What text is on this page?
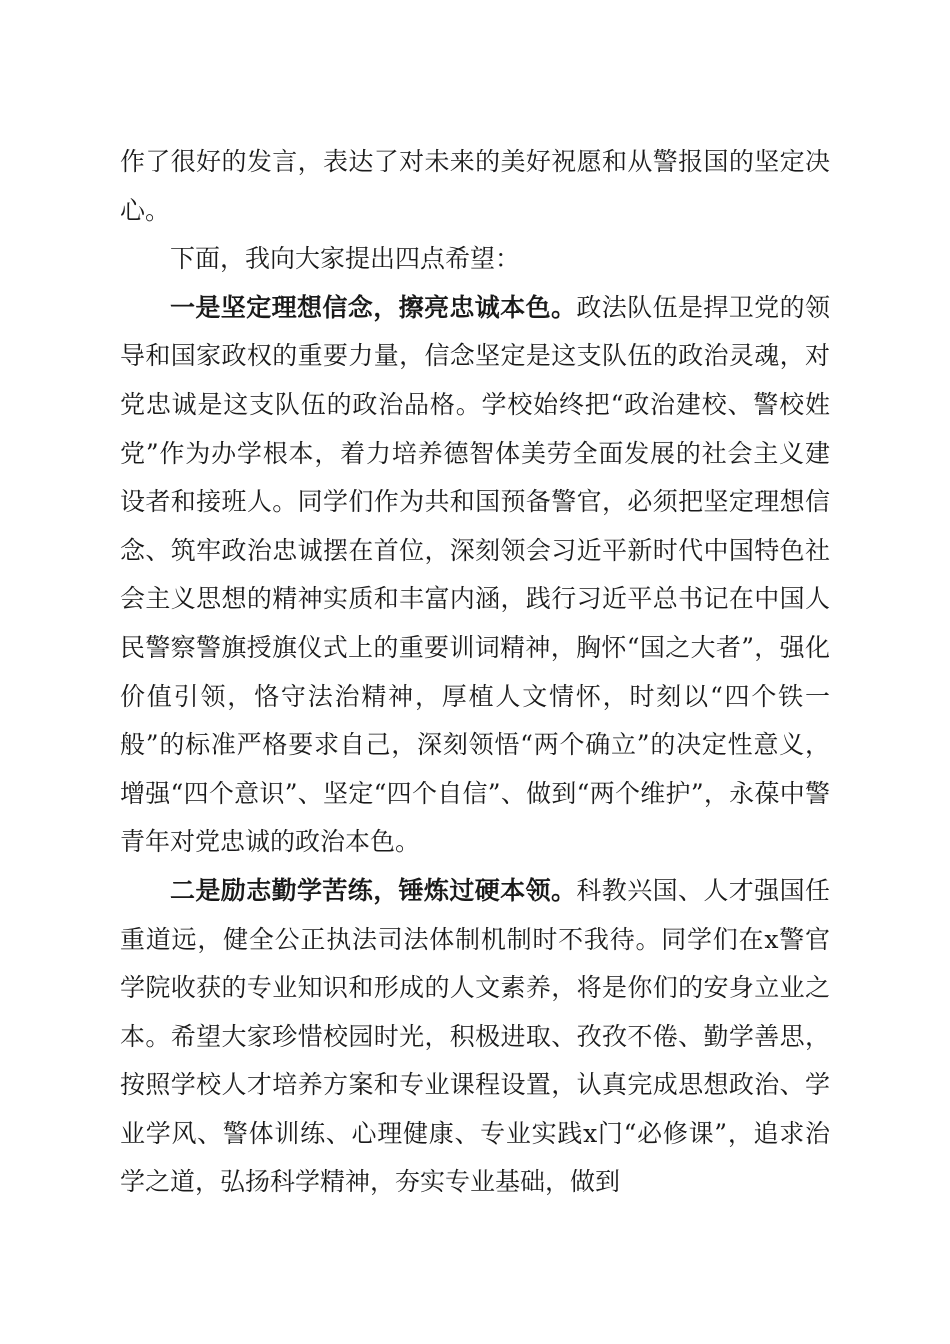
作了很好的发言，表达了对未来的美好祝愿和从警报国的坚定决心。

下面，我向大家提出四点希望：

一是坚定理想信念，擦亮忠诚本色。政法队伍是捍卫党的领导和国家政权的重要力量，信念坚定是这支队伍的政治灵魂，对党忠诚是这支队伍的政治品格。学校始终把“政治建校、警校姓党”作为办学根本，着力培养德智体美劳全面发展的社会主义建设者和接班人。同学们作为共和国预备警官，必须把坚定理想信念、筑牢政治忠诚摆在首位，深刻领会习近平新时代中国特色社会主义思想的精神实质和丰富内涵，践行习近平总书记在中国人民警察警旗授旗仪式上的重要训词精神，胸怀“国之大者”，强化价值引领，恪守法治精神，厚植人文情怀，时刻以“四个铁一般”的标准严格要求自己，深刻领悟“两个确立”的决定性意义，增强“四个意识”、坚定“四个自信”、做到“两个维护”，永葆中警青年对党忠诚的政治本色。

二是励志勤学苦练，锤炼过硬本领。科教兴国、人才强国任重道远，健全公正执法司法体制机制时不我待。同学们在x警官学院收获的专业知识和形成的人文素养，将是你们的安身立业之本。希望大家珍惜校园时光，积极进取、孜孜不倦、勤学善思，按照学校人才培养方案和专业课程设置，认真完成思想政治、学业学风、警体训练、心理健康、专业实践x门“必修课”，追求治学之道，弘扬科学精神，夯实专业基础，做到
